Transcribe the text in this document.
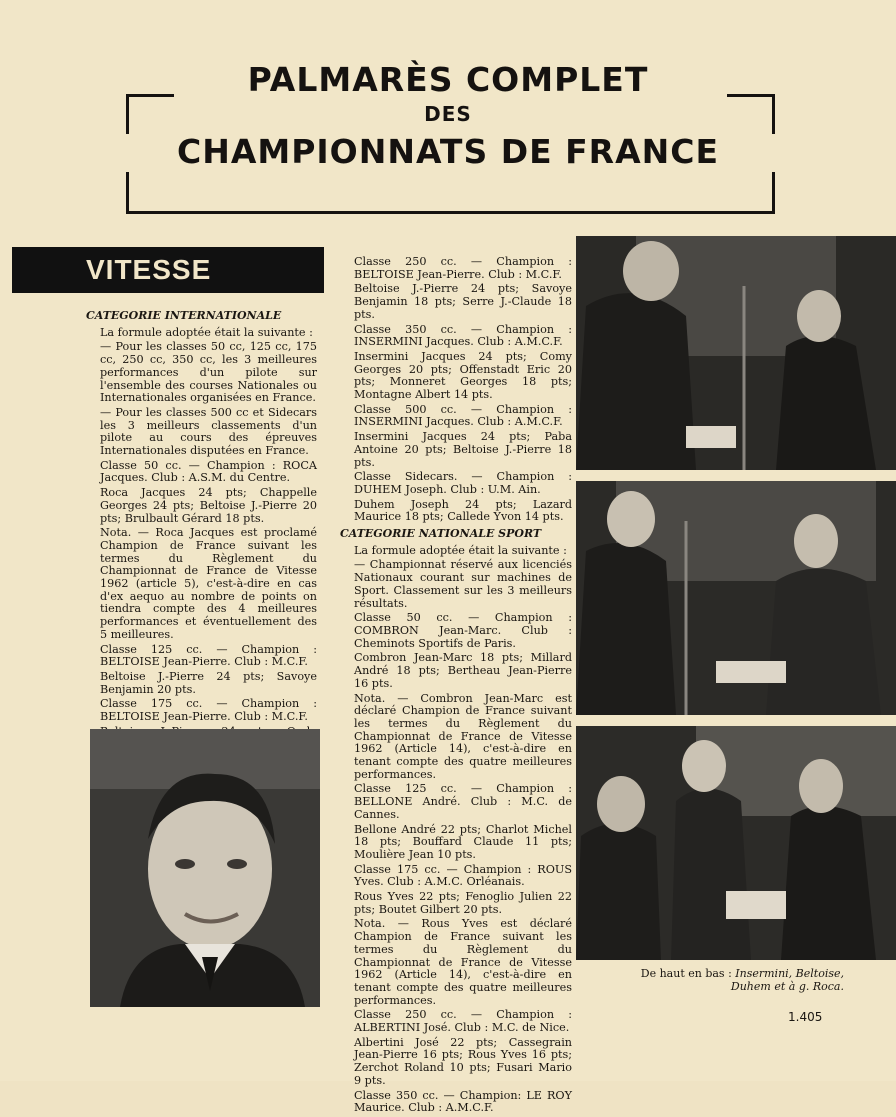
PALMARÈS COMPLET
DES
CHAMPIONNATS DE FRANCE
VITESSE

CATEGORIE INTERNATIONALE

La formule adoptée était la suivante :

— Pour les classes 50 cc, 125 cc, 175 cc, 250 cc, 350 cc, les 3 meilleures performances d'un pilote sur l'ensemble des courses Nationales ou Internationales organisées en France.

— Pour les classes 500 cc et Sidecars les 3 meilleurs classements d'un pilote au cours des épreuves Internationales disputées en France.

Classe 50 cc. — Champion : ROCA Jacques. Club : A.S.M. du Centre.

Roca Jacques 24 pts; Chappelle Georges 24 pts; Beltoise J.-Pierre 20 pts; Brulbault Gérard 18 pts.

Nota. — Roca Jacques est proclamé Champion de France suivant les termes du Règlement du Championnat de France de Vitesse 1962 (article 5), c'est-à-dire en cas d'ex aequo au nombre de points on tiendra compte des 4 meilleures performances et éventuellement des 5 meilleures.

Classe 125 cc. — Champion : BELTOISE Jean-Pierre. Club : M.C.F.

Beltoise J.-Pierre 24 pts; Savoye Benjamin 20 pts.

Classe 175 cc. — Champion : BELTOISE Jean-Pierre. Club : M.C.F.

Classe 250 cc. — Champion : BELTOISE Jean-Pierre. Club : M.C.F.

Beltoise J.-Pierre 24 pts; Savoye Benjamin 18 pts; Serre J.-Claude 18 pts.

Classe 350 cc. — Champion : INSERMINI Jacques. Club : A.M.C.F.

Insermini Jacques 24 pts; Comy Georges 20 pts; Offenstadt Eric 20 pts; Monneret Georges 18 pts; Montagne Albert 14 pts.

Classe 500 cc. — Champion : INSERMINI Jacques. Club : A.M.C.F.

Insermini Jacques 24 pts; Paba Antoine 20 pts; Beltoise J.-Pierre 18 pts.

Classe Sidecars. — Champion : DUHEM Joseph. Club : U.M. Ain.

Duhem Joseph 24 pts; Lazard Maurice 18 pts; Callede Yvon 14 pts.

CATEGORIE NATIONALE SPORT

La formule adoptée était la suivante :

— Championnat réservé aux licenciés Nationaux courant sur machines de Sport. Classement sur les 3 meilleurs résultats.

Classe 50 cc. — Champion : COMBRON Jean-Marc. Club : Cheminots Sportifs de Paris.

Combron Jean-Marc 18 pts; Millard André 18 pts; Bertheau Jean-Pierre 16 pts.

Nota. — Combron Jean-Marc est déclaré Champion de France suivant les termes du Règlement du Championnat de France de Vitesse 1962 (Article 14), c'est-à-dire en tenant compte des quatre meilleures performances.

Classe 125 cc. — Champion : BELLONE André. Club : M.C. de Cannes.

Bellone André 22 pts; Charlot Michel 18 pts; Bouffard Claude 11 pts; Moulière Jean 10 pts.

Classe 175 cc. — Champion : ROUS Yves. Club : A.M.C. Orléanais.

Rous Yves 22 pts; Fenoglio Julien 22 pts; Boutet Gilbert 20 pts.

Nota. — Rous Yves est déclaré Champion de France suivant les termes du Règlement du Championnat de France de Vitesse 1962 (Article 14), c'est-à-dire en tenant compte des quatre meilleures performances.

Classe 250 cc. — Champion : ALBERTINI José. Club : M.C. de Nice.

Albertini José 22 pts; Cassegrain Jean-Pierre 16 pts; Rous Yves 16 pts; Zerchot Roland 10 pts; Fusari Mario 9 pts.

Classe 350 cc. — Champion: LE ROY Maurice. Club : A.M.C.F.

De haut en bas : Insermini, Beltoise, Duhem et à g. Roca.
1.405
